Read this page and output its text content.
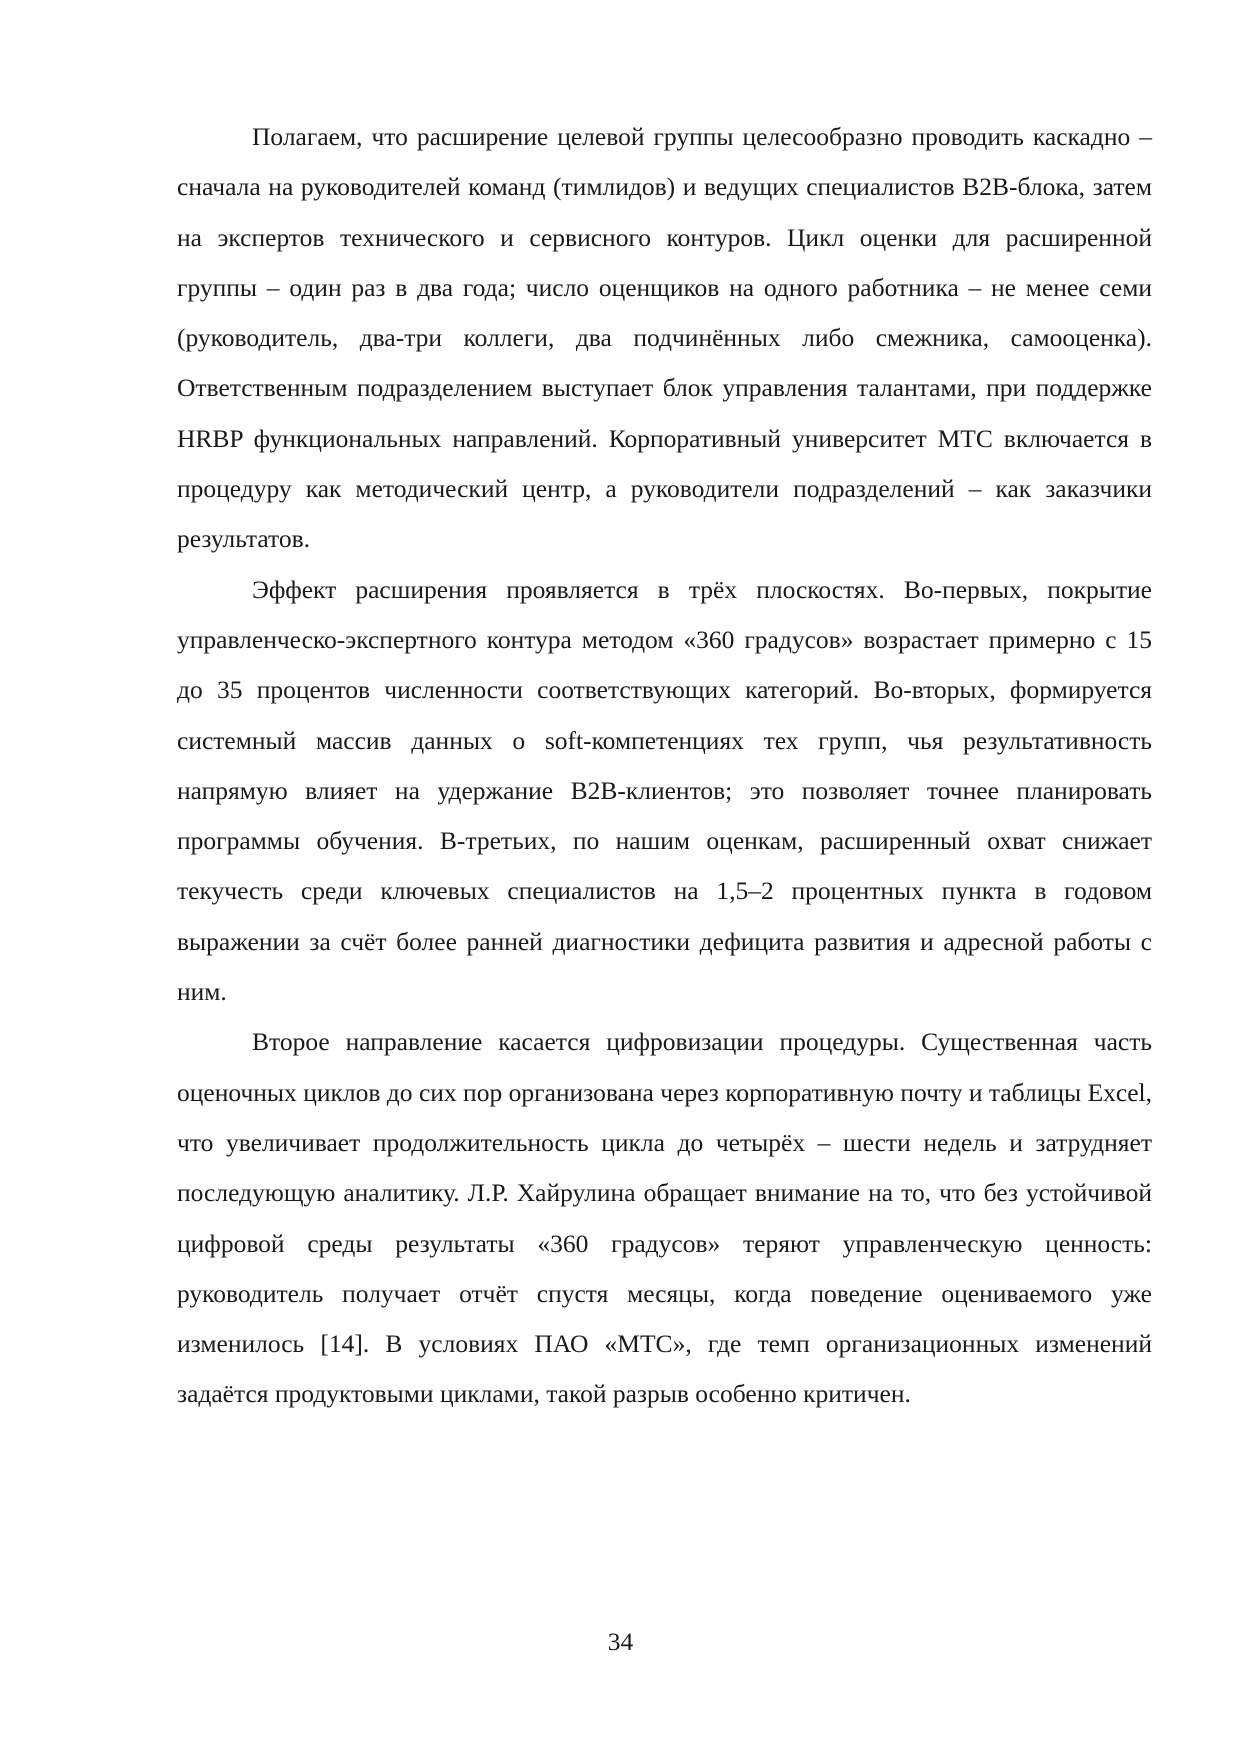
Полагаем, что расширение целевой группы целесообразно проводить каскадно – сначала на руководителей команд (тимлидов) и ведущих специалистов B2B-блока, затем на экспертов технического и сервисного контуров. Цикл оценки для расширенной группы – один раз в два года; число оценщиков на одного работника – не менее семи (руководитель, два-три коллеги, два подчинённых либо смежника, самооценка). Ответственным подразделением выступает блок управления талантами, при поддержке HRBP функциональных направлений. Корпоративный университет МТС включается в процедуру как методический центр, а руководители подразделений – как заказчики результатов.

Эффект расширения проявляется в трёх плоскостях. Во-первых, покрытие управленческо-экспертного контура методом «360 градусов» возрастает примерно с 15 до 35 процентов численности соответствующих категорий. Во-вторых, формируется системный массив данных о soft-компетенциях тех групп, чья результативность напрямую влияет на удержание B2B-клиентов; это позволяет точнее планировать программы обучения. В-третьих, по нашим оценкам, расширенный охват снижает текучесть среди ключевых специалистов на 1,5–2 процентных пункта в годовом выражении за счёт более ранней диагностики дефицита развития и адресной работы с ним.

Второе направление касается цифровизации процедуры. Существенная часть оценочных циклов до сих пор организована через корпоративную почту и таблицы Excel, что увеличивает продолжительность цикла до четырёх – шести недель и затрудняет последующую аналитику. Л.Р. Хайрулина обращает внимание на то, что без устойчивой цифровой среды результаты «360 градусов» теряют управленческую ценность: руководитель получает отчёт спустя месяцы, когда поведение оцениваемого уже изменилось [14]. В условиях ПАО «МТС», где темп организационных изменений задаётся продуктовыми циклами, такой разрыв особенно критичен.

34
